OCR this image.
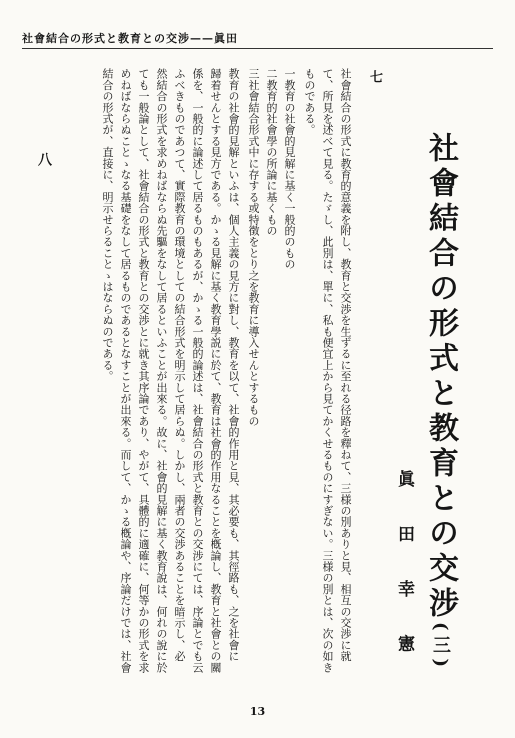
社會結合の形式と教育との交涉——眞田
社會結合の形式と教育との交涉(三)
眞 田 幸 憲
七
社會結合の形式に教育的意義を附し、教育と交渉を生ずるに至れる径路を釋ねて、三様の別ありと見、相互の交渉に就
て、所見を述べて見る。たゞし、此別は、單に、私も便宜上から見てかくせるものにすぎない。三様の別とは、次の如き
ものである。
一教育の社會的見解に基く一般的のもの
二教育的社會學の所論に基くもの
三社會結合形式中に存する或特徴をとり之を教育に導入せんとするもの
教育の社會的見解といふは、個人主義の見方に對し、教育を以て、社會的作用と見、其必要も、其徑路も、之を社會に
歸着せんとする見方である。かゝる見解に基く教育學説に於て、教育は社會的作用なることを槪論し、教育と社會との關
係を、一般的に論述して居るものもあるが、かゝる一般的論述は、社會結合の形式と教育との交涉にては、序論とでも云
ふべきものであつて、實際教育の環境としての結合形式を明示して居らぬ。しかし、兩者の交渉あることを暗示し、必
然結合の形式を求めねばならぬ先驅をなして居るといふことが出來る。故に、社會的見解に基く教育說は、何れの說に於
ても一般論として、社會結合の形式と教育との交渉とに就き其序論であり、やがて、具體的に適確に、何等かの形式を求
めねばならぬことゝなる基礎をなして居るものであるとなすことが出來る。而して、かゝる槪論や、序論だけでは、社會
結合の形式が、直接に、明示せらることゝはならぬのである。
八
13
